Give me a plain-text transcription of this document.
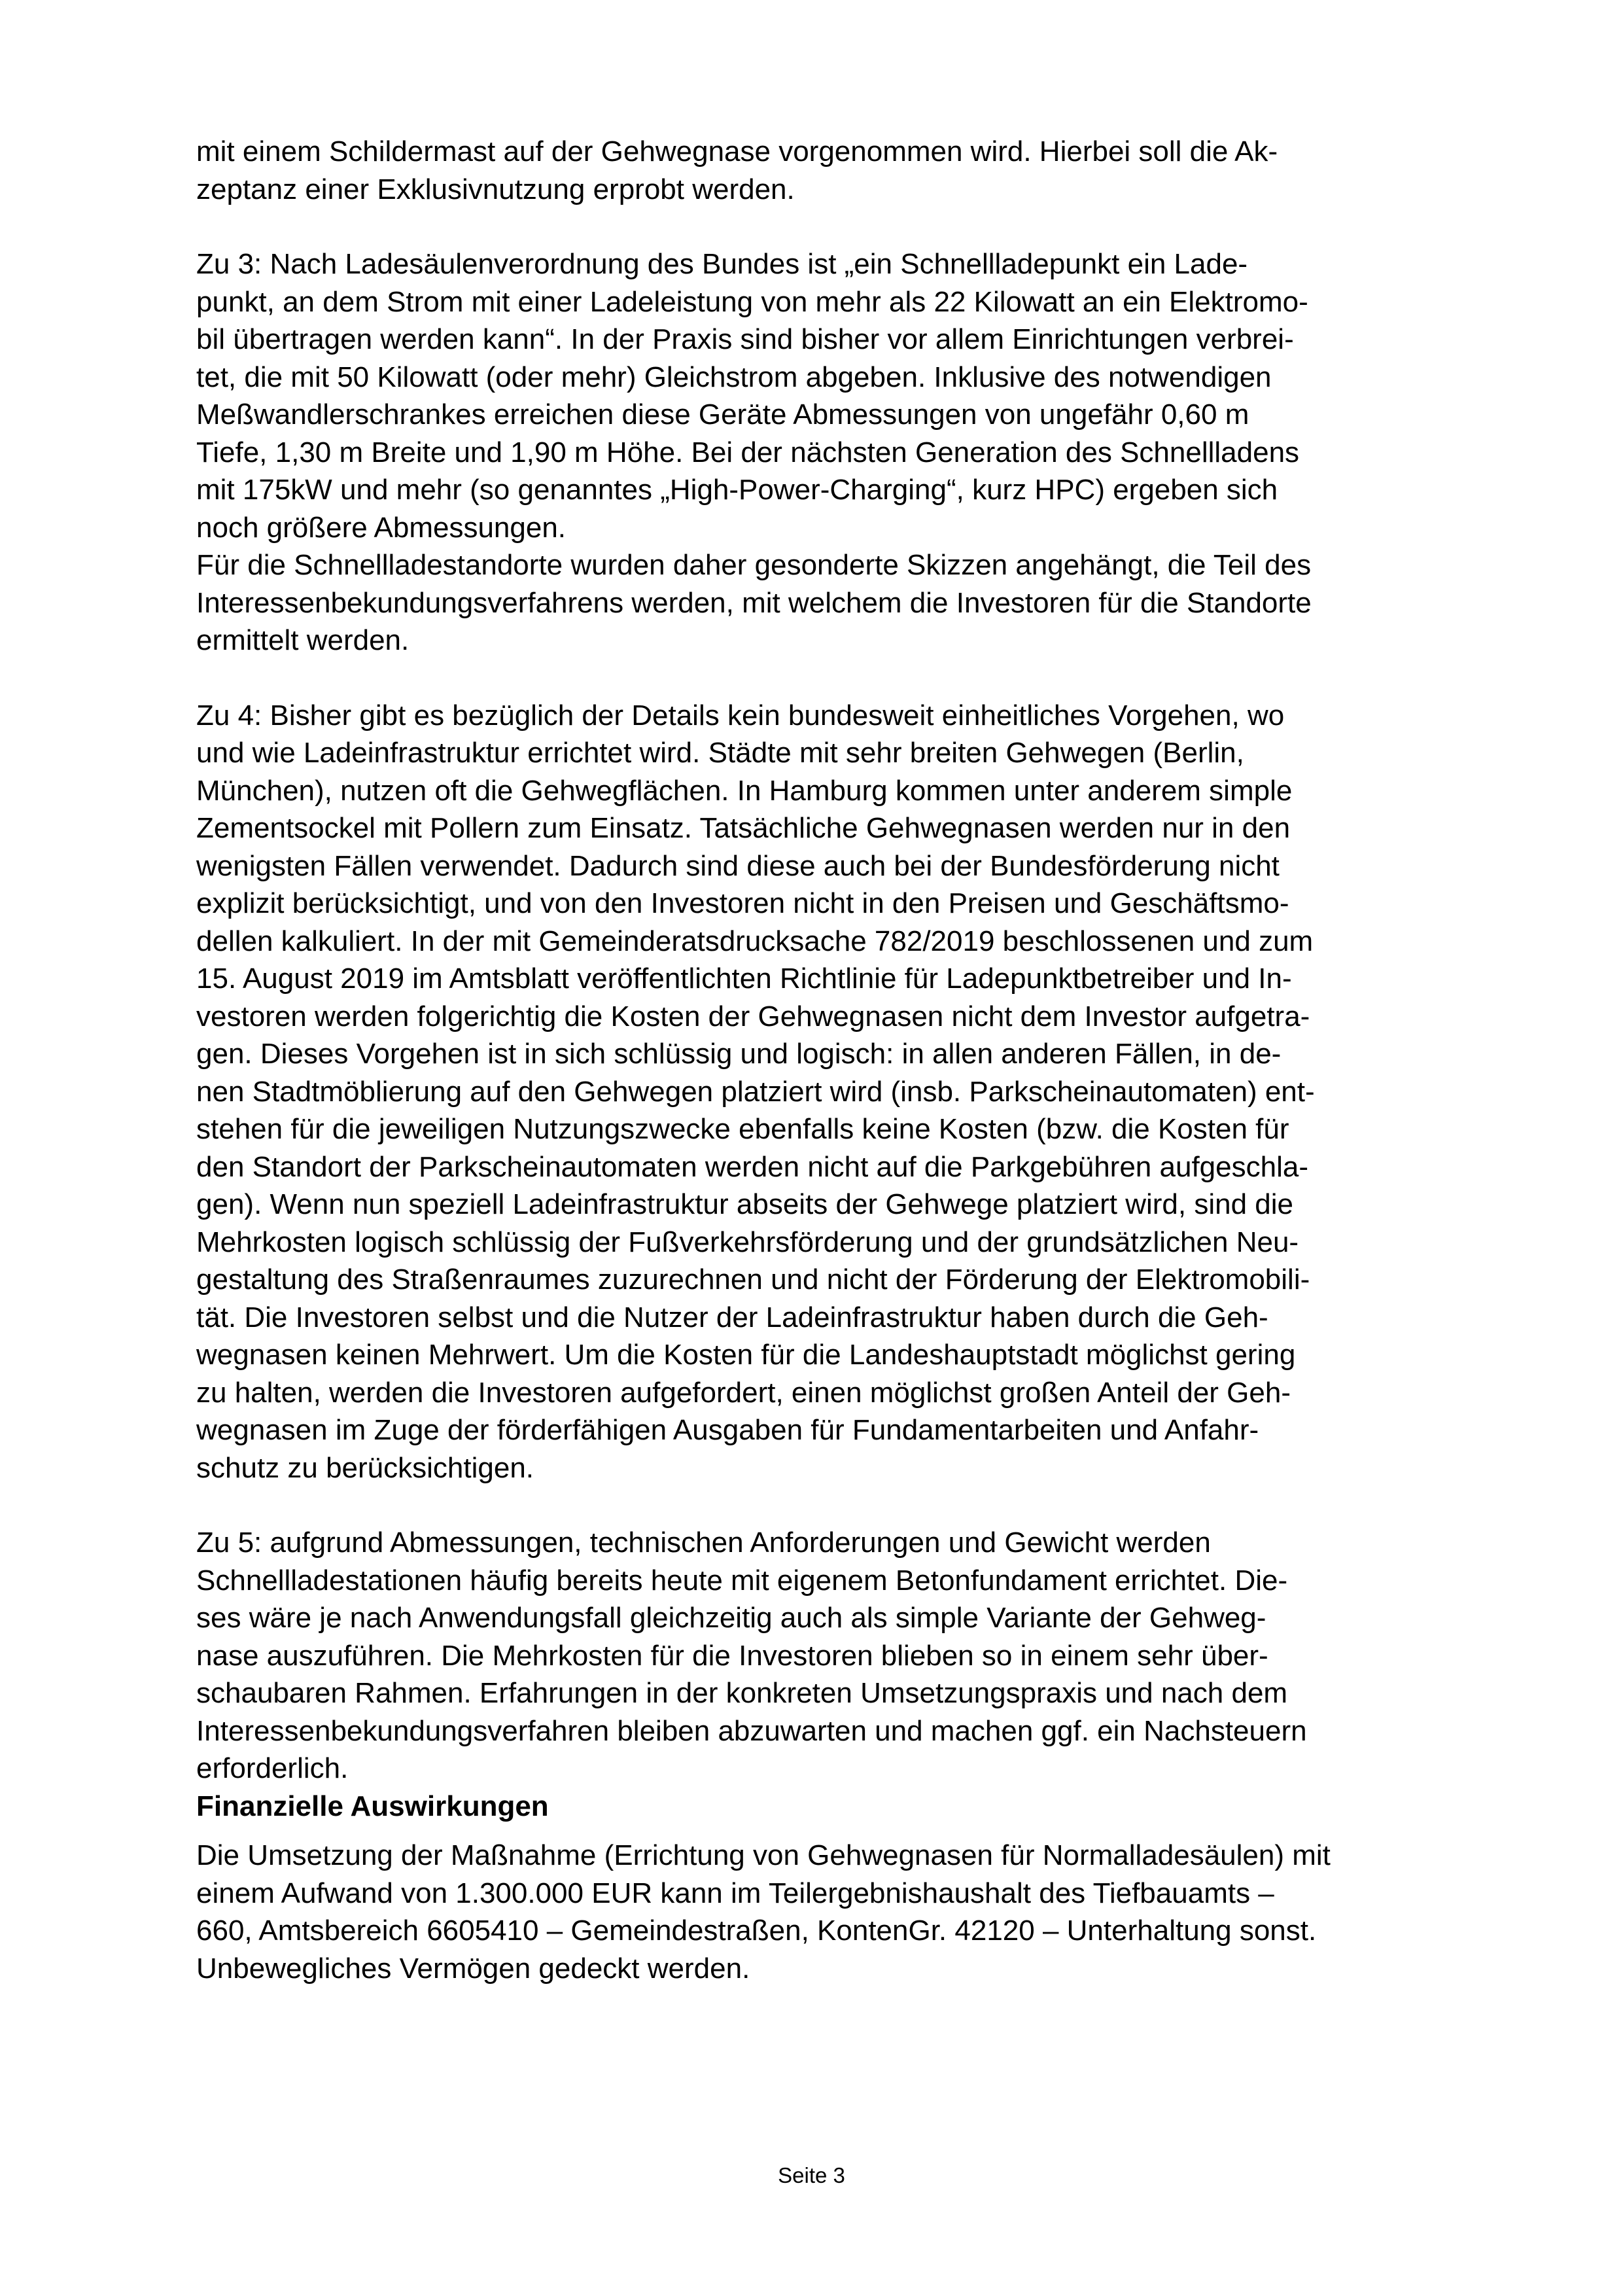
mit einem Schildermast auf der Gehwegnase vorgenommen wird. Hierbei soll die Ak-
zeptanz einer Exklusivnutzung erprobt werden.

Zu 3: Nach Ladesäulenverordnung des Bundes ist „ein Schnellladepunkt ein Lade-
punkt, an dem Strom mit einer Ladeleistung von mehr als 22 Kilowatt an ein Elektromo-
bil übertragen werden kann“. In der Praxis sind bisher vor allem Einrichtungen verbrei-
tet, die mit 50 Kilowatt (oder mehr) Gleichstrom abgeben. Inklusive des notwendigen
Meßwandlerschrankes erreichen diese Geräte Abmessungen von ungefähr 0,60 m
Tiefe, 1,30 m Breite und 1,90 m Höhe. Bei der nächsten Generation des Schnellladens
mit 175kW und mehr (so genanntes „High-Power-Charging“, kurz HPC) ergeben sich
noch größere Abmessungen.
Für die Schnellladestandorte wurden daher gesonderte Skizzen angehängt, die Teil des
Interessenbekundungsverfahrens werden, mit welchem die Investoren für die Standorte
ermittelt werden.

Zu 4: Bisher gibt es bezüglich der Details kein bundesweit einheitliches Vorgehen, wo
und wie Ladeinfrastruktur errichtet wird. Städte mit sehr breiten Gehwegen (Berlin,
München), nutzen oft die Gehwegflächen. In Hamburg kommen unter anderem simple
Zementsockel mit Pollern zum Einsatz. Tatsächliche Gehwegnasen werden nur in den
wenigsten Fällen verwendet. Dadurch sind diese auch bei der Bundesförderung nicht
explizit berücksichtigt, und von den Investoren nicht in den Preisen und Geschäftsmo-
dellen kalkuliert. In der mit Gemeinderatsdrucksache 782/2019 beschlossenen und zum
15. August 2019 im Amtsblatt veröffentlichten Richtlinie für Ladepunktbetreiber und In-
vestoren werden folgerichtig die Kosten der Gehwegnasen nicht dem Investor aufgetra-
gen. Dieses Vorgehen ist in sich schlüssig und logisch: in allen anderen Fällen, in de-
nen Stadtmöblierung auf den Gehwegen platziert wird (insb. Parkscheinautomaten) ent-
stehen für die jeweiligen Nutzungszwecke ebenfalls keine Kosten (bzw. die Kosten für
den Standort der Parkscheinautomaten werden nicht auf die Parkgebühren aufgeschla-
gen). Wenn nun speziell Ladeinfrastruktur abseits der Gehwege platziert wird, sind die
Mehrkosten logisch schlüssig der Fußverkehrsförderung und der grundsätzlichen Neu-
gestaltung des Straßenraumes zuzurechnen und nicht der Förderung der Elektromobili-
tät. Die Investoren selbst und die Nutzer der Ladeinfrastruktur haben durch die Geh-
wegnasen keinen Mehrwert. Um die Kosten für die Landeshauptstadt möglichst gering
zu halten, werden die Investoren aufgefordert, einen möglichst großen Anteil der Geh-
wegnasen im Zuge der förderfähigen Ausgaben für Fundamentarbeiten und Anfahr-
schutz zu berücksichtigen.

Zu 5: aufgrund Abmessungen, technischen Anforderungen und Gewicht werden
Schnellladestationen häufig bereits heute mit eigenem Betonfundament errichtet. Die-
ses wäre je nach Anwendungsfall gleichzeitig auch als simple Variante der Gehweg-
nase auszuführen. Die Mehrkosten für die Investoren blieben so in einem sehr über-
schaubaren Rahmen. Erfahrungen in der konkreten Umsetzungspraxis und nach dem
Interessenbekundungsverfahren bleiben abzuwarten und machen ggf. ein Nachsteuern
erforderlich.

Finanzielle Auswirkungen

Die Umsetzung der Maßnahme (Errichtung von Gehwegnasen für Normalladesäulen) mit
einem Aufwand von 1.300.000 EUR kann im Teilergebnishaushalt des Tiefbauamts –
660, Amtsbereich 6605410 – Gemeindestraßen, KontenGr. 42120 – Unterhaltung sonst.
Unbewegliches Vermögen gedeckt werden.

Seite 3
